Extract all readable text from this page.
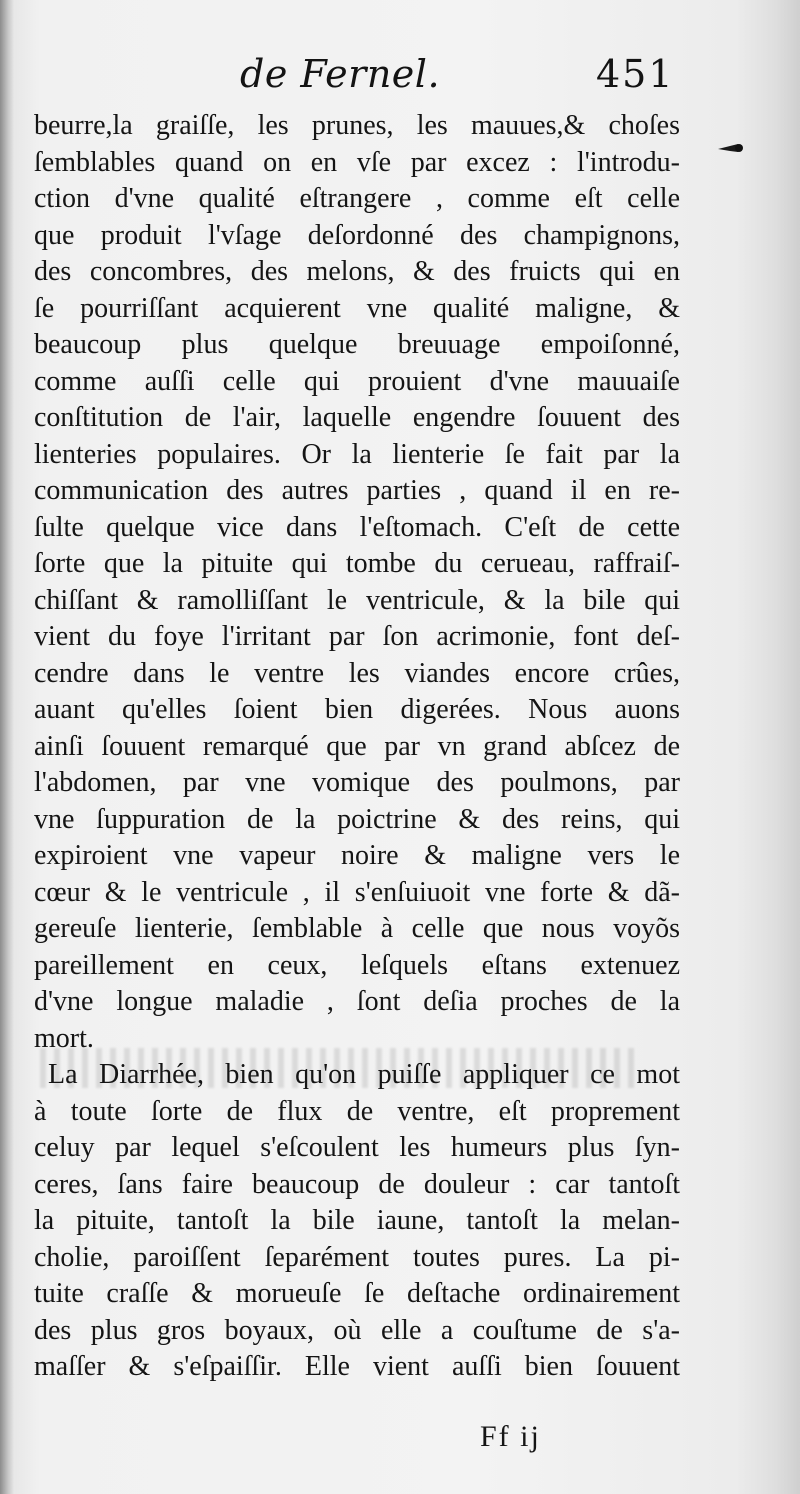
de Fernel.	451
beurre,la graiſſe, les prunes, les mauues,& choſes
ſemblables quand on en vſe par excez : l'introdu-
ction d'vne qualité eſtrangere , comme eſt celle
que produit l'vſage deſordonné des champignons,
des concombres, des melons, & des fruicts qui en
ſe pourriſſant acquierent vne qualité maligne, &
beaucoup plus quelque breuuage empoiſonné,
comme auſſi celle qui prouient d'vne mauuaiſe
conſtitution de l'air, laquelle engendre ſouuent des
lienteries populaires. Or la lienterie ſe fait par la
communication des autres parties , quand il en re-
ſulte quelque vice dans l'eſtomach. C'eſt de cette
ſorte que la pituite qui tombe du cerueau, raffraiſ-
chiſſant & ramolliſſant le ventricule, & la bile qui
vient du foye l'irritant par ſon acrimonie, font deſ-
cendre dans le ventre les viandes encore crûes,
auant qu'elles ſoient bien digerées. Nous auons
ainſi ſouuent remarqué que par vn grand abſcez de
l'abdomen, par vne vomique des poulmons, par
vne ſuppuration de la poictrine & des reins, qui
expiroient vne vapeur noire & maligne vers le
cœur & le ventricule , il s'enſuiuoit vne forte & dã-
gereuſe lienterie, ſemblable à celle que nous voyõs
pareillement en ceux, leſquels eſtans extenuez
d'vne longue maladie , ſont deſia proches de la
mort.
La Diarrhée, bien qu'on puiſſe appliquer ce mot
à toute ſorte de flux de ventre, eſt proprement
celuy par lequel s'eſcoulent les humeurs plus ſyn-
ceres, ſans faire beaucoup de douleur : car tantoſt
la pituite, tantoſt la bile iaune, tantoſt la melan-
cholie, paroiſſent ſeparément toutes pures. La pi-
tuite craſſe & morueuſe ſe deſtache ordinairement
des plus gros boyaux, où elle a couſtume de s'a-
maſſer & s'eſpaiſſir. Elle vient auſſi bien ſouuent
Ff ij
